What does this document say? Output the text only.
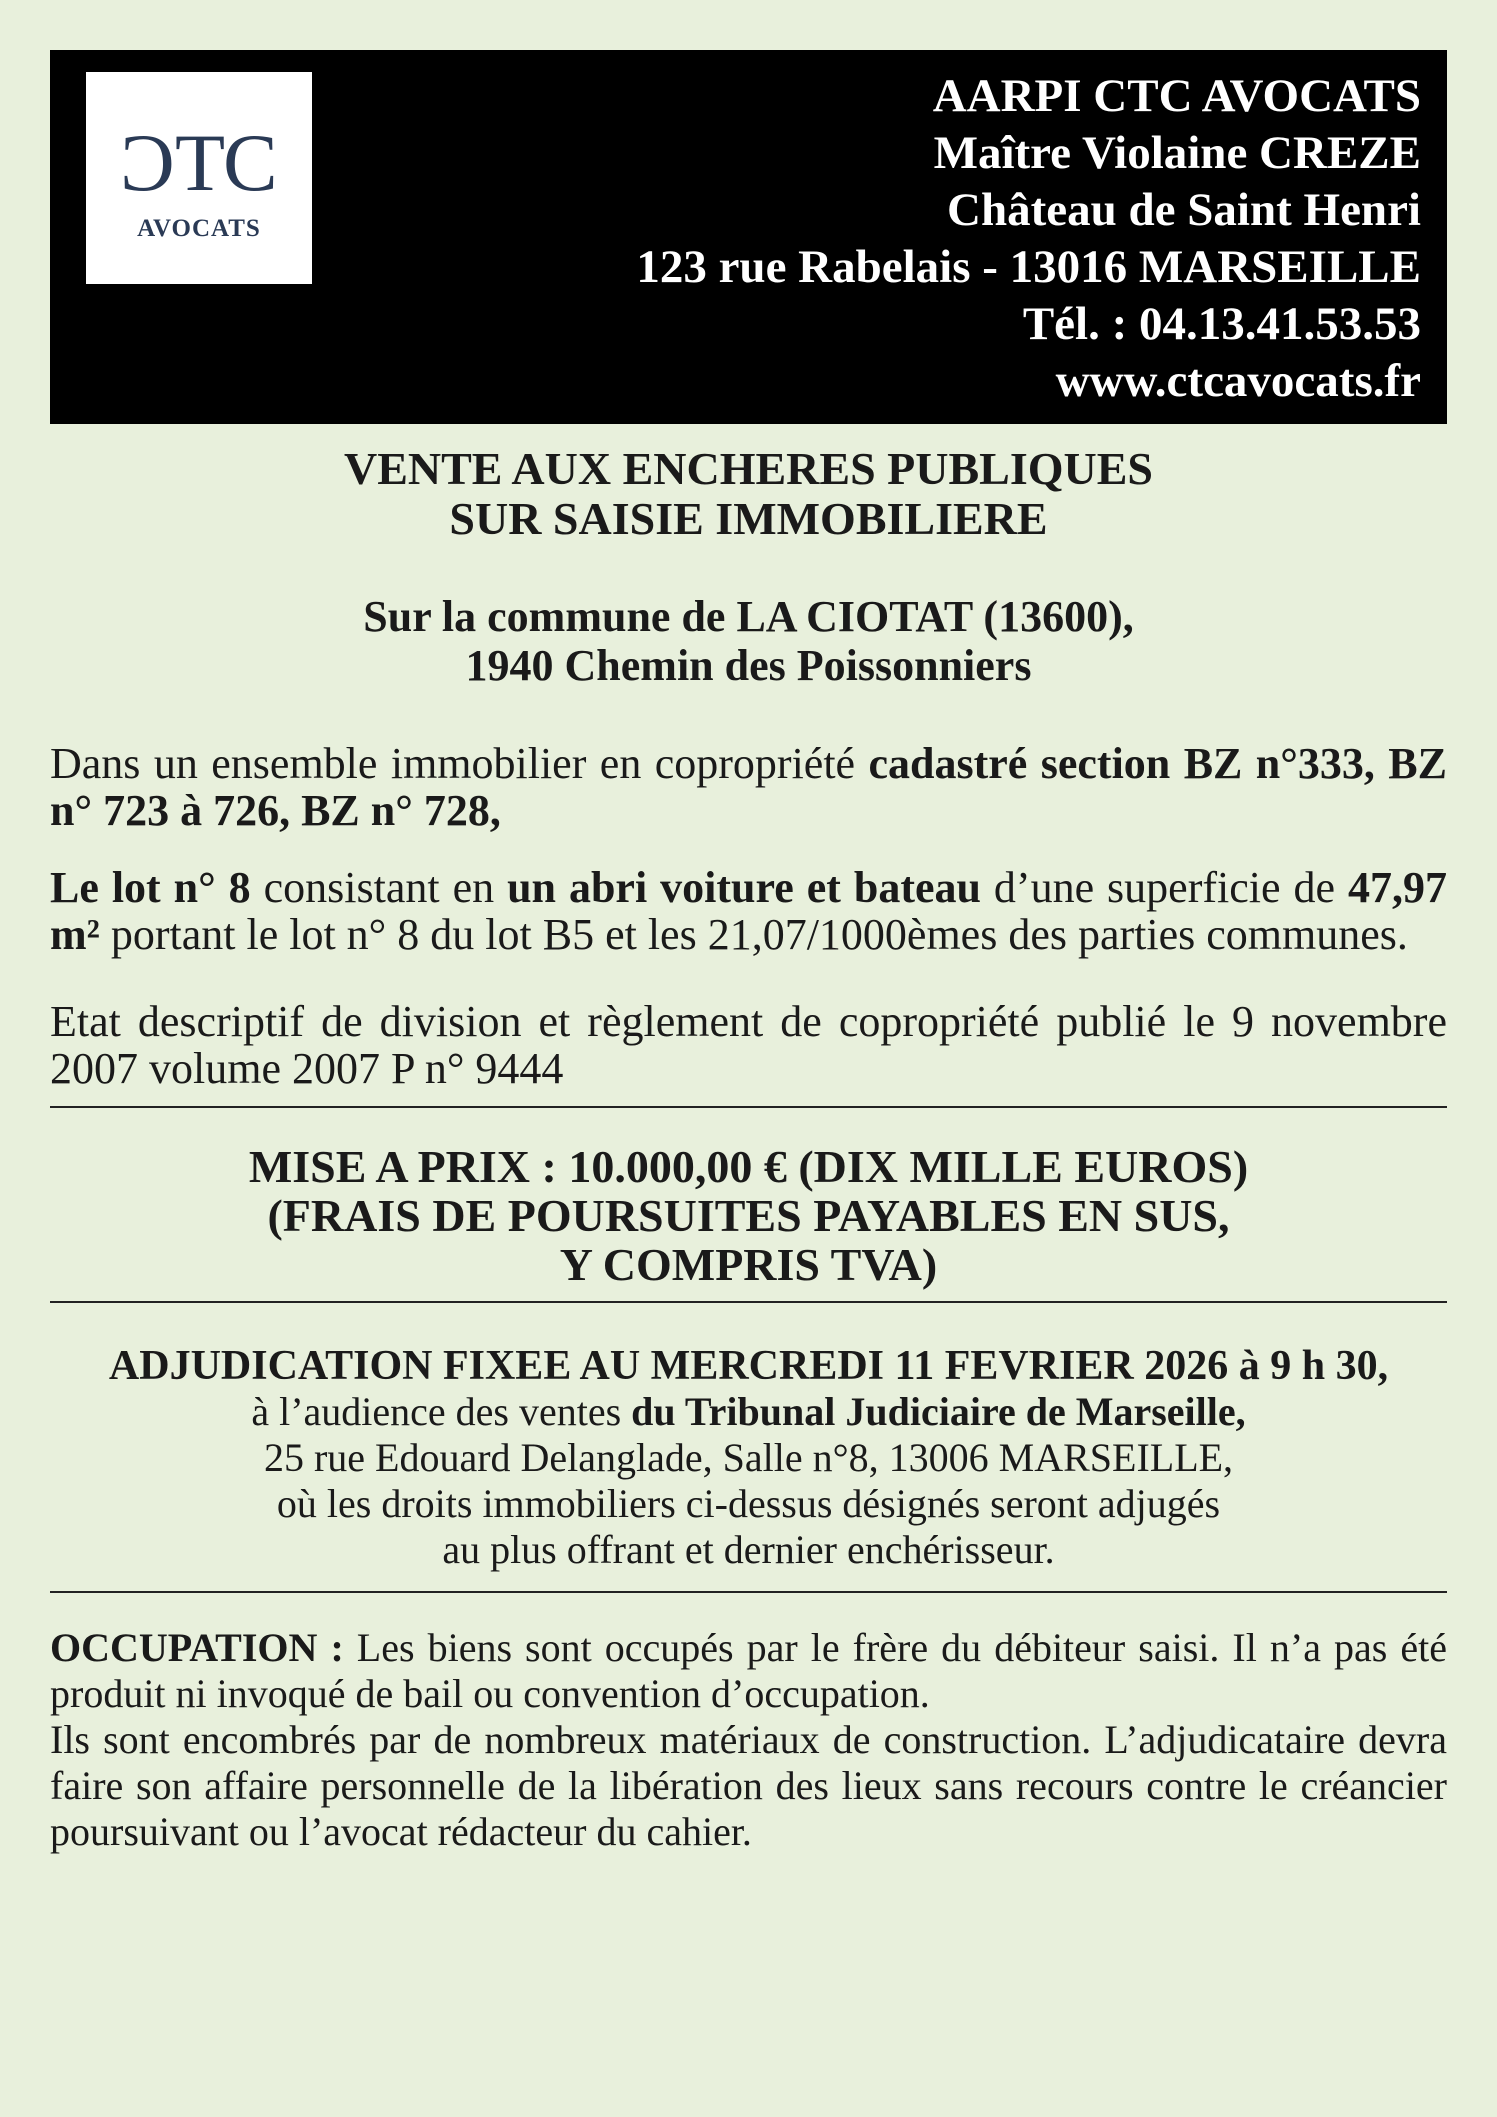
CTC
AVOCATS
AARPI CTC AVOCATS
Maître Violaine CREZE
Château de Saint Henri
123 rue Rabelais - 13016 MARSEILLE
Tél. : 04.13.41.53.53
www.ctcavocats.fr
VENTE AUX ENCHERES PUBLIQUES
SUR SAISIE IMMOBILIERE
Sur la commune de LA CIOTAT (13600),
1940 Chemin des Poissonniers
Dans un ensemble immobilier en copropriété cadastré section BZ n°333, BZ n° 723 à 726, BZ n° 728,
Le lot n° 8 consistant en un abri voiture et bateau d’une superficie de 47,97 m² portant le lot n° 8 du lot B5 et les 21,07/1000èmes des parties communes.
Etat descriptif de division et règlement de copropriété publié le 9 novembre 2007 volume 2007 P n° 9444
MISE A PRIX : 10.000,00 € (DIX MILLE EUROS)
(FRAIS DE POURSUITES PAYABLES EN SUS,
Y COMPRIS TVA)
ADJUDICATION FIXEE AU MERCREDI 11 FEVRIER 2026 à 9 h 30,
à l’audience des ventes du Tribunal Judiciaire de Marseille,
25 rue Edouard Delanglade, Salle n°8, 13006 MARSEILLE,
où les droits immobiliers ci-dessus désignés seront adjugés
au plus offrant et dernier enchérisseur.
OCCUPATION : Les biens sont occupés par le frère du débiteur saisi. Il n’a pas été produit ni invoqué de bail ou convention d’occupation.
Ils sont encombrés par de nombreux matériaux de construction. L’adjudicataire devra faire son affaire personnelle de la libération des lieux sans recours contre le créancier poursuivant ou l’avocat rédacteur du cahier.
